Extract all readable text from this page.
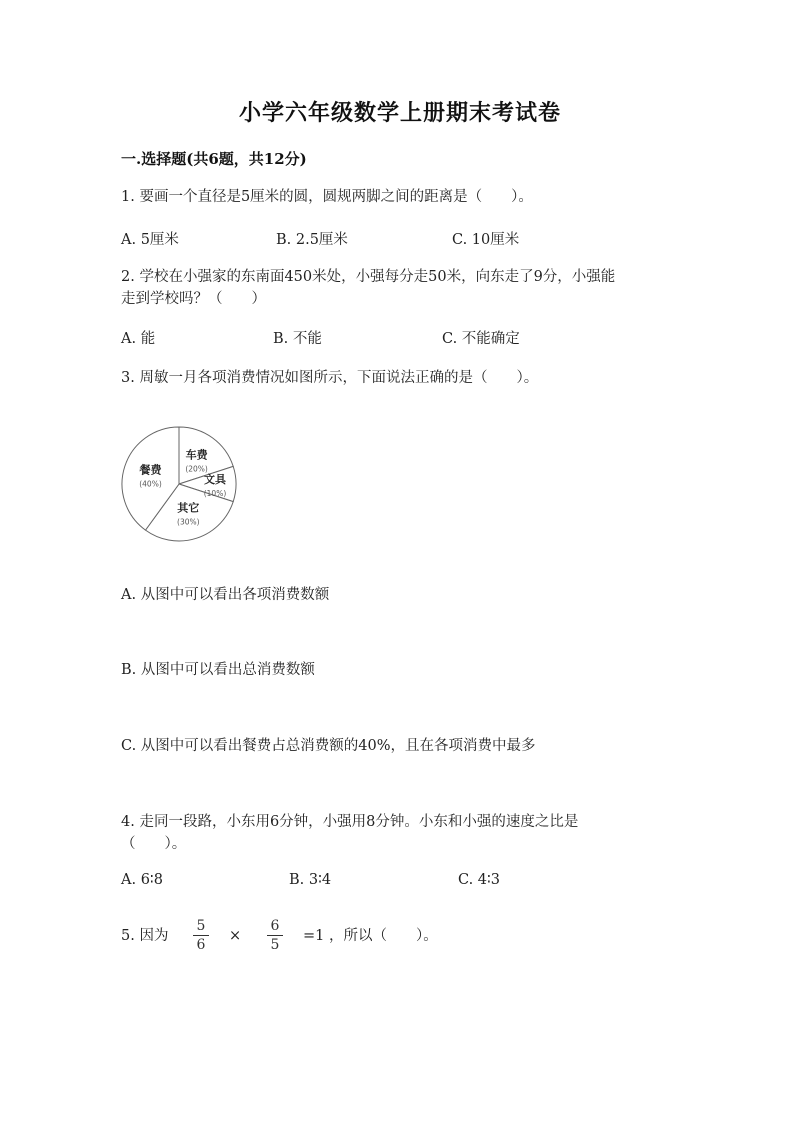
小学六年级数学上册期末考试卷
一.选择题(共6题，共12分)
1. 要画一个直径是5厘米的圆，圆规两脚之间的距离是（　　）。
A. 5厘米	B. 2.5厘米	C. 10厘米
2. 学校在小强家的东南面450米处，小强每分走50米，向东走了9分，小强能
走到学校吗？（　　）
A. 能	B. 不能	C. 不能确定
3. 周敏一月各项消费情况如图所示，下面说法正确的是（　　）。
车费
(20%)
文具
(10%)
其它
(30%)
餐费
(40%)
A. 从图中可以看出各项消费数额
B. 从图中可以看出总消费数额
C. 从图中可以看出餐费占总消费额的40%，且在各项消费中最多
4. 走同一段路，小东用6分钟，小强用8分钟。小东和小强的速度之比是
（　　）。
A. 6∶8	B. 3∶4	C. 4∶3
5. 因为
5
6
×
6
5
=1 ，所以（　　）。
